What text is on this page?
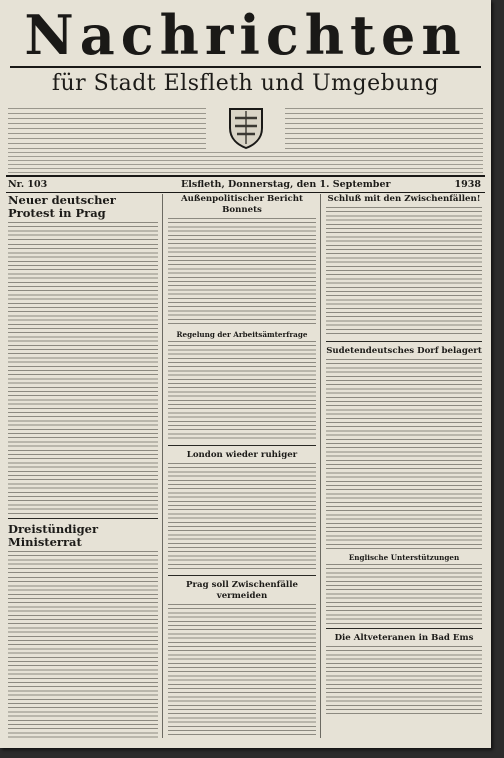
Nachrichten
für Stadt Elsfleth und Umgebung
Nr. 103	Elsfleth, Donnerstag, den 1. September	1938
Neuer deutscher Protest in Prag
Dreistündiger Ministerrat
Außenpolitischer Bericht Bonnets
Regelung der Arbeitsämterfrage
London wieder ruhiger
Prag soll Zwischenfälle vermeiden
Schluß mit den Zwischenfällen!
Sudetendeutsches Dorf belagert
Englische Unterstützungen
Die Altveteranen in Bad Ems
